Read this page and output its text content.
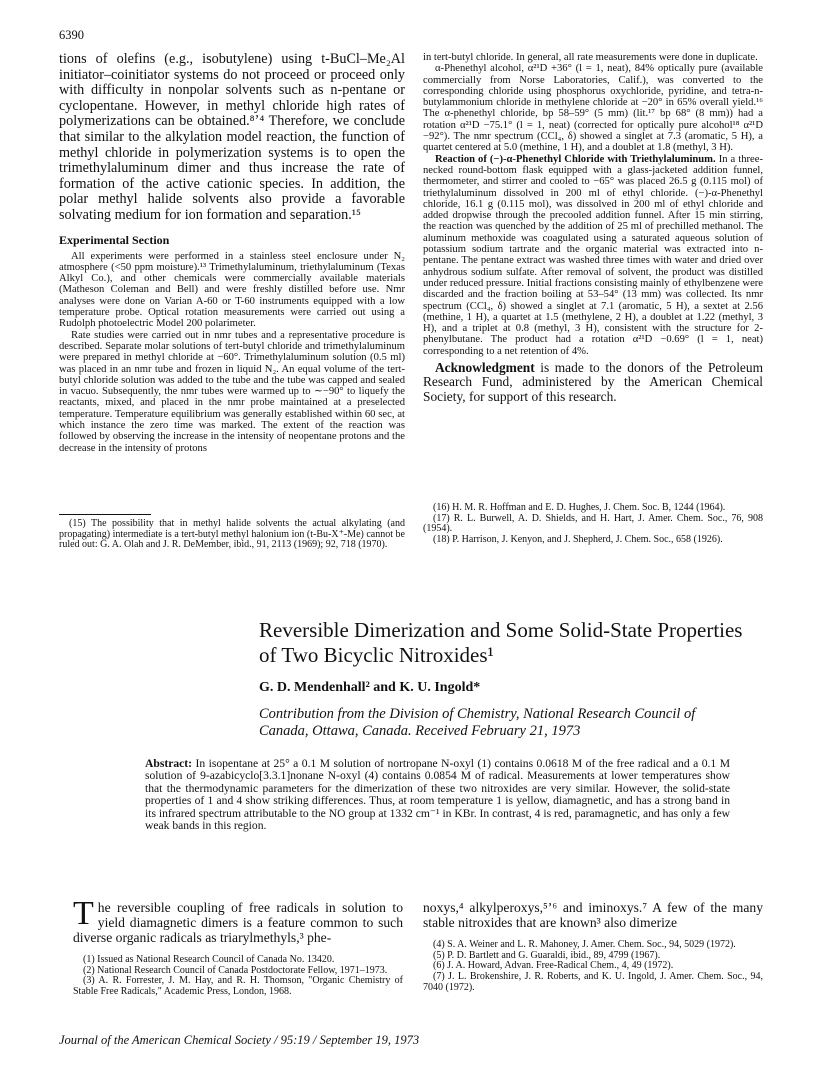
6390

tions of olefins (e.g., isobutylene) using t-BuCl–Me₂Al initiator–coinitiator systems do not proceed or proceed only with difficulty in nonpolar solvents such as n-pentane or cyclopentane. However, in methyl chloride high rates of polymerizations can be obtained.⁸ʼ⁴ Therefore, we conclude that similar to the alkylation model reaction, the function of methyl chloride in polymerization systems is to open the trimethylaluminum dimer and thus increase the rate of formation of the active cationic species. In addition, the polar methyl halide solvents also provide a favorable solvating medium for ion formation and separation.¹⁵

Experimental Section

All experiments were performed in a stainless steel enclosure under N₂ atmosphere (<50 ppm moisture).¹³ Trimethylaluminum, triethylaluminum (Texas Alkyl Co.), and other chemicals were commercially available materials (Matheson Coleman and Bell) and were freshly distilled before use. Nmr analyses were done on Varian A-60 or T-60 instruments equipped with a low temperature probe. Optical rotation measurements were carried out using a Rudolph photoelectric Model 200 polarimeter.

Rate studies were carried out in nmr tubes and a representative procedure is described. Separate molar solutions of tert-butyl chloride and trimethylaluminum were prepared in methyl chloride at −60°. Trimethylaluminum solution (0.5 ml) was placed in an nmr tube and frozen in liquid N₂. An equal volume of the tert-butyl chloride solution was added to the tube and the tube was capped and sealed in vacuo. Subsequently, the nmr tubes were warmed up to ∼−90° to liquefy the reactants, mixed, and placed in the nmr probe maintained at a preselected temperature. Temperature equilibrium was generally established within 60 sec, at which instance the zero time was marked. The extent of the reaction was followed by observing the increase in the intensity of neopentane protons and the decrease in the intensity of protons

(15) The possibility that in methyl halide solvents the actual alkylating (and propagating) intermediate is a tert-butyl methyl halonium ion (t-Bu-X⁺-Me) cannot be ruled out: G. A. Olah and J. R. DeMember, ibid., 91, 2113 (1969); 92, 718 (1970).

in tert-butyl chloride. In general, all rate measurements were done in duplicate.

α-Phenethyl alcohol, α²¹D +36° (l = 1, neat), 84% optically pure (available commercially from Norse Laboratories, Calif.), was converted to the corresponding chloride using phosphorus oxychloride, pyridine, and tetra-n-butylammonium chloride in methylene chloride at −20° in 65% overall yield.¹⁶ The α-phenethyl chloride, bp 58–59° (5 mm) (lit.¹⁷ bp 68° (8 mm)) had a rotation α²¹D −75.1° (l = 1, neat) (corrected for optically pure alcohol¹⁸ α²¹D −92°). The nmr spectrum (CCl₄, δ) showed a singlet at 7.3 (aromatic, 5 H), a quartet centered at 5.0 (methine, 1 H), and a doublet at 1.8 (methyl, 3 H).

Reaction of (−)-α-Phenethyl Chloride with Triethylaluminum. In a three-necked round-bottom flask equipped with a glass-jacketed addition funnel, thermometer, and stirrer and cooled to −65° was placed 26.5 g (0.115 mol) of triethylaluminum dissolved in 200 ml of ethyl chloride. (−)-α-Phenethyl chloride, 16.1 g (0.115 mol), was dissolved in 200 ml of ethyl chloride and added dropwise through the precooled addition funnel. After 15 min stirring, the reaction was quenched by the addition of 25 ml of prechilled methanol. The aluminum methoxide was coagulated using a saturated aqueous solution of potassium sodium tartrate and the organic material was extracted into n-pentane. The pentane extract was washed three times with water and dried over anhydrous sodium sulfate. After removal of solvent, the product was distilled under reduced pressure. Initial fractions consisting mainly of ethylbenzene were discarded and the fraction boiling at 53–54° (13 mm) was collected. Its nmr spectrum (CCl₄, δ) showed a singlet at 7.1 (aromatic, 5 H), a sextet at 2.56 (methine, 1 H), a quartet at 1.5 (methylene, 2 H), a doublet at 1.22 (methyl, 3 H), and a triplet at 0.8 (methyl, 3 H), consistent with the structure for 2-phenylbutane. The product had a rotation α²¹D −0.69° (l = 1, neat) corresponding to a net retention of 4%.

Acknowledgment is made to the donors of the Petroleum Research Fund, administered by the American Chemical Society, for support of this research.

(16) H. M. R. Hoffman and E. D. Hughes, J. Chem. Soc. B, 1244 (1964).

(17) R. L. Burwell, A. D. Shields, and H. Hart, J. Amer. Chem. Soc., 76, 908 (1954).

(18) P. Harrison, J. Kenyon, and J. Shepherd, J. Chem. Soc., 658 (1926).

Reversible Dimerization and Some Solid-State Properties of Two Bicyclic Nitroxides¹
G. D. Mendenhall² and K. U. Ingold*
Contribution from the Division of Chemistry, National Research Council of Canada, Ottawa, Canada. Received February 21, 1973

Abstract: In isopentane at 25° a 0.1 M solution of nortropane N-oxyl (1) contains 0.0618 M of the free radical and a 0.1 M solution of 9-azabicyclo[3.3.1]nonane N-oxyl (4) contains 0.0854 M of radical. Measurements at lower temperatures show that the thermodynamic parameters for the dimerization of these two nitroxides are very similar. However, the solid-state properties of 1 and 4 show striking differences. Thus, at room temperature 1 is yellow, diamagnetic, and has a strong band in its infrared spectrum attributable to the NO group at 1332 cm⁻¹ in KBr. In contrast, 4 is red, paramagnetic, and has only a few weak bands in this region.

The reversible coupling of free radicals in solution to yield diamagnetic dimers is a feature common to such diverse organic radicals as triarylmethyls,³ phe-

(1) Issued as National Research Council of Canada No. 13420.

(2) National Research Council of Canada Postdoctorate Fellow, 1971–1973.

(3) A. R. Forrester, J. M. Hay, and R. H. Thomson, "Organic Chemistry of Stable Free Radicals," Academic Press, London, 1968.

noxys,⁴ alkylperoxys,⁵ʼ⁶ and iminoxys.⁷ A few of the many stable nitroxides that are known³ also dimerize

(4) S. A. Weiner and L. R. Mahoney, J. Amer. Chem. Soc., 94, 5029 (1972).

(5) P. D. Bartlett and G. Guaraldi, ibid., 89, 4799 (1967).

(6) J. A. Howard, Advan. Free-Radical Chem., 4, 49 (1972).

(7) J. L. Brokenshire, J. R. Roberts, and K. U. Ingold, J. Amer. Chem. Soc., 94, 7040 (1972).

Journal of the American Chemical Society / 95:19 / September 19, 1973
